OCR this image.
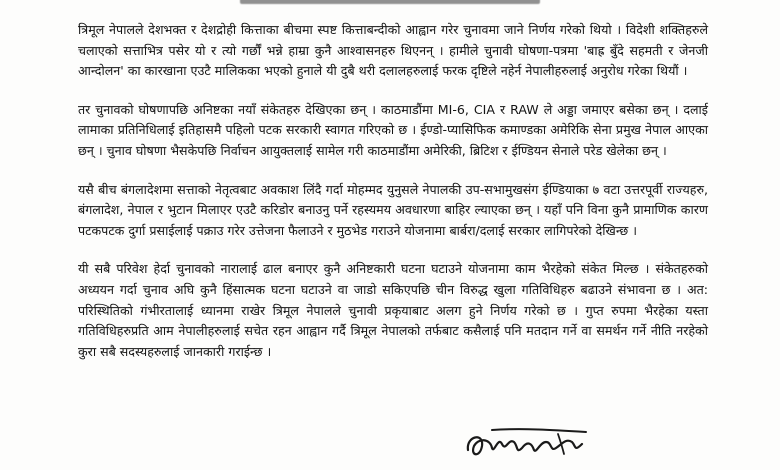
त्रिमूल नेपालले देशभक्त र देशद्रोही कित्ताका बीचमा स्पष्ट कित्ताबन्दीको आह्वान गरेर चुनावमा जाने निर्णय गरेको थियो । विदेशी शक्तिहरुले चलाएको सत्ताभित्र पसेर यो र त्यो गर्छौं भन्ने हाम्रा कुनै आश्वासनहरु थिएनन् । हामीले चुनावी घोषणा-पत्रमा 'बाह्र बुँदे सहमती र जेनजी आन्दोलन' का कारखाना एउटै मालिकका भएको हुनाले यी दुबै थरी दलालहरुलाई फरक दृष्टिले नहेर्न नेपालीहरुलाई अनुरोध गरेका थियौं ।

तर चुनावको घोषणापछि अनिष्टका नयाँ संकेतहरु देखिएका छन् । काठमाडौंमा MI-6, CIA र RAW ले अड्डा जमाएर बसेका छन् । दलाई लामाका प्रतिनिधिलाई इतिहासमै पहिलो पटक सरकारी स्वागत गरिएको छ । ईण्डो-प्यासिफिक कमाण्डका अमेरिकि सेना प्रमुख नेपाल आएका छन् । चुनाव घोषणा भैसकेपछि निर्वाचन आयुक्तलाई सामेल गरी काठमाडौंमा अमेरिकी, ब्रिटिश र ईण्डियन सेनाले परेड खेलेका छन् ।

यसै बीच बंगलादेशमा सत्ताको नेतृत्वबाट अवकाश लिंदै गर्दा मोहम्मद युनुसले नेपालकी उप-सभामुखसंग ईण्डियाका ७ वटा उत्तरपूर्वी राज्यहरु, बंगलादेश, नेपाल र भुटान मिलाएर एउटै करिडोर बनाउनु पर्ने रहस्यमय अवधारणा बाहिर ल्याएका छन् । यहाँ पनि विना कुनै प्रामाणिक कारण पटकपटक दुर्गा प्रसाईलाई पक्राउ गरेर उत्तेजना फैलाउने र मुठभेड गराउने योजनामा बार्बरा/दलाई सरकार लागिपरेको देखिन्छ ।

यी सबै परिवेश हेर्दा चुनावको नारालाई ढाल बनाएर कुनै अनिष्टकारी घटना घटाउने योजनामा काम भैरहेको संकेत मिल्छ । संकेतहरुको अध्ययन गर्दा चुनाव अघि कुनै हिंसात्मक घटना घटाउने वा जाडो सकिएपछि चीन विरुद्ध खुला गतिविधिहरु बढाउने संभावना छ । अत: परिस्थितिको गंभीरतालाई ध्यानमा राखेर त्रिमूल नेपालले चुनावी प्रकृयाबाट अलग हुने निर्णय गरेको छ । गुप्त रुपमा भैरहेका यस्ता गतिविधिहरुप्रति आम नेपालीहरुलाई सचेत रहन आह्वान गर्दै त्रिमूल नेपालको तर्फबाट कसैलाई पनि मतदान गर्ने वा समर्थन गर्ने नीति नरहेको कुरा सबै सदस्यहरुलाई जानकारी गराईन्छ ।
